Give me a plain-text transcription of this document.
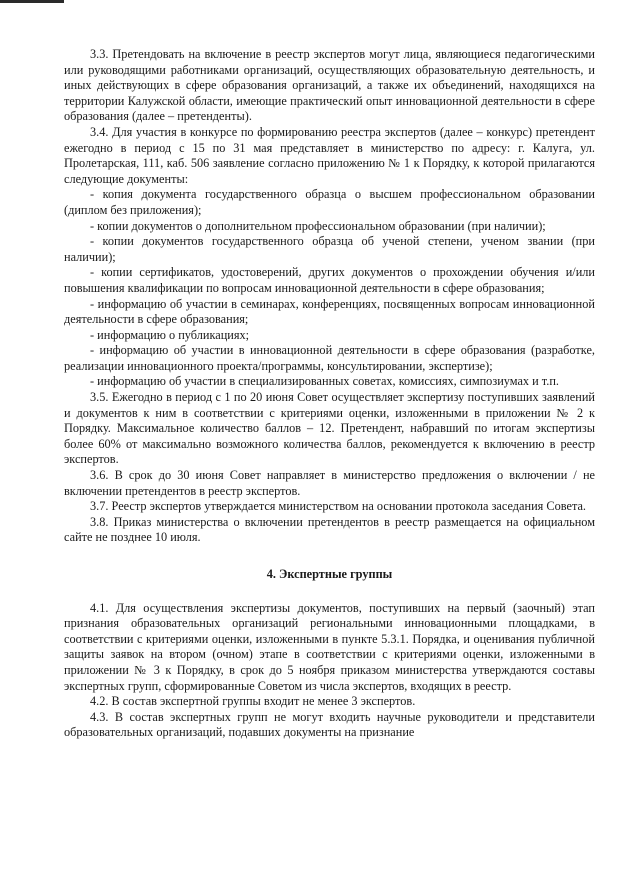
3.3. Претендовать на включение в реестр экспертов могут лица, являющиеся педагогическими или руководящими работниками организаций, осуществляющих образовательную деятельность, и иных действующих в сфере образования организаций, а также их объединений, находящихся на территории Калужской области, имеющие практический опыт инновационной деятельности в сфере образования (далее – претенденты).

3.4. Для участия в конкурсе по формированию реестра экспертов (далее – конкурс) претендент ежегодно в период с 15 по 31 мая представляет в министерство по адресу: г. Калуга, ул. Пролетарская, 111, каб. 506 заявление согласно приложению № 1 к Порядку, к которой прилагаются следующие документы:

- копия документа государственного образца о высшем профессиональном образовании (диплом без приложения);

- копии документов о дополнительном профессиональном образовании (при наличии);

- копии документов государственного образца об ученой степени, ученом звании (при наличии);

- копии сертификатов, удостоверений, других документов о прохождении обучения и/или повышения квалификации по вопросам инновационной деятельности в сфере образования;

- информацию об участии в семинарах, конференциях, посвященных вопросам инновационной деятельности в сфере образования;

- информацию о публикациях;

- информацию об участии в инновационной деятельности в сфере образования (разработке, реализации инновационного проекта/программы, консультировании, экспертизе);

- информацию об участии в специализированных советах, комиссиях, симпозиумах и т.п.

3.5. Ежегодно в период с 1 по 20 июня Совет осуществляет экспертизу поступивших заявлений и документов к ним в соответствии с критериями оценки, изложенными в приложении № 2 к Порядку. Максимальное количество баллов – 12. Претендент, набравший по итогам экспертизы более 60% от максимально возможного количества баллов, рекомендуется к включению в реестр экспертов.

3.6. В срок до 30 июня Совет направляет в министерство предложения о включении / не включении претендентов в реестр экспертов.

3.7. Реестр экспертов утверждается министерством на основании протокола заседания Совета.

3.8. Приказ министерства о включении претендентов в реестр размещается на официальном сайте не позднее 10 июля.

4. Экспертные группы

4.1. Для осуществления экспертизы документов, поступивших на первый (заочный) этап признания образовательных организаций региональными инновационными площадками, в соответствии с критериями оценки, изложенными в пункте 5.3.1. Порядка, и оценивания публичной защиты заявок на втором (очном) этапе в соответствии с критериями оценки, изложенными в приложении № 3 к Порядку, в срок до 5 ноября приказом министерства утверждаются составы экспертных групп, сформированные Советом из числа экспертов, входящих в реестр.

4.2. В состав экспертной группы входит не менее 3 экспертов.

4.3. В состав экспертных групп не могут входить научные руководители и представители образовательных организаций, подавших документы на признание
